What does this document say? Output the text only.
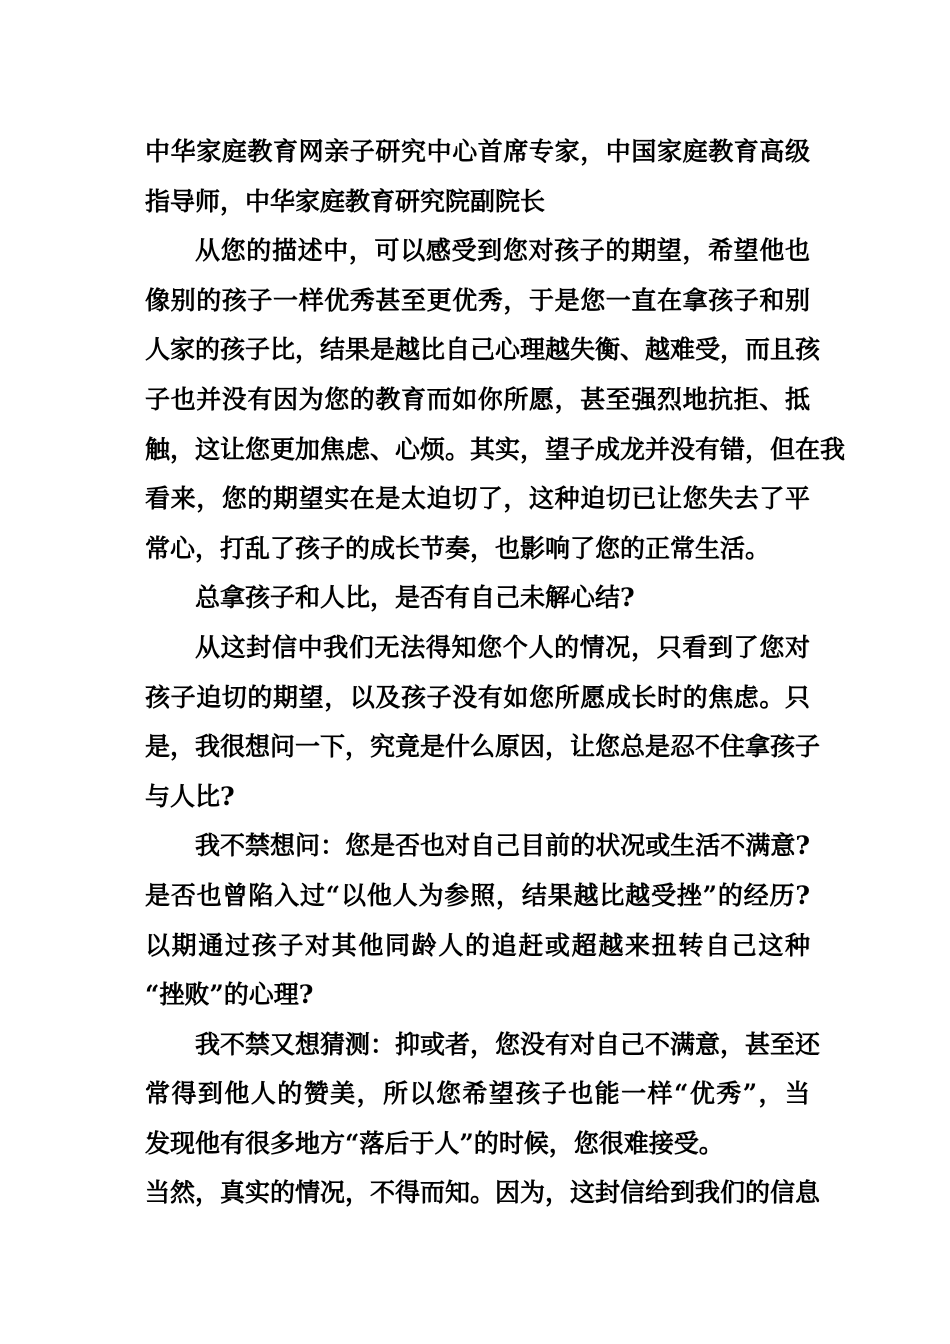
中华家庭教育网亲子研究中心首席专家，中国家庭教育高级
指导师，中华家庭教育研究院副院长
从您的描述中，可以感受到您对孩子的期望，希望他也
像别的孩子一样优秀甚至更优秀，于是您一直在拿孩子和别
人家的孩子比，结果是越比自己心理越失衡、越难受，而且孩
子也并没有因为您的教育而如你所愿，甚至强烈地抗拒、抵
触，这让您更加焦虑、心烦。其实，望子成龙并没有错，但在我
看来，您的期望实在是太迫切了，这种迫切已让您失去了平
常心，打乱了孩子的成长节奏，也影响了您的正常生活。
总拿孩子和人比，是否有自己未解心结?
从这封信中我们无法得知您个人的情况，只看到了您对
孩子迫切的期望，以及孩子没有如您所愿成长时的焦虑。只
是，我很想问一下，究竟是什么原因，让您总是忍不住拿孩子
与人比?
我不禁想问：您是否也对自己目前的状况或生活不满意?
是否也曾陷入过“以他人为参照，结果越比越受挫”的经历?
以期通过孩子对其他同龄人的追赶或超越来扭转自己这种
“挫败”的心理?
我不禁又想猜测：抑或者，您没有对自己不满意，甚至还
常得到他人的赞美，所以您希望孩子也能一样“优秀”，当
发现他有很多地方“落后于人”的时候，您很难接受。
当然，真实的情况，不得而知。因为，这封信给到我们的信息
